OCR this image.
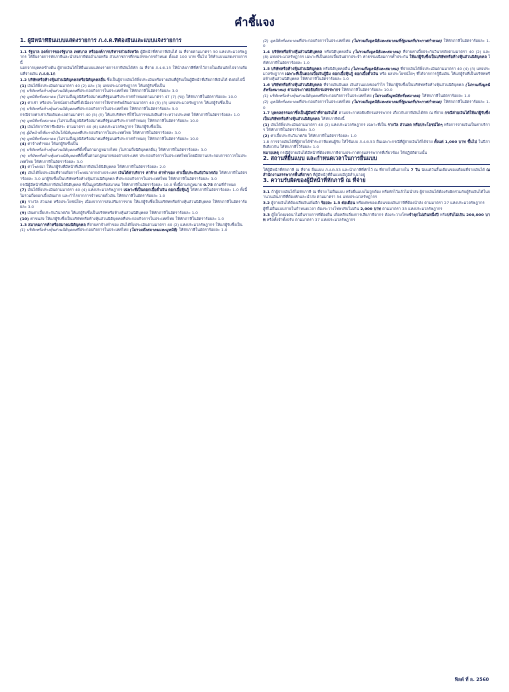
คำชี้แจง
1. ผู้มีหน้าที่ยื่นแบบแสดงรายการ ภ.ง.ด.ที่ต้องยื่นและแบบแจ้งรายการ
1.1 รัฐบาล องค์การของรัฐบาล เทศบาล หรือองค์การบริหารส่วนจังหวัด ผู้มีหน้าที่หักภาษีเงินได้ ณ ที่จ่ายตามมาตรา 50 แห่งประมวลรัษฎากร ให้ยื่นรายการหักภาษีและนำส่งภาษีต่ออำเภอหรือ ส่วนราชการที่กรมสรรพากรกำหนด ตั้งแต่ 100 บาท ขึ้นไป ให้ทำแบบแสดงรายการนี้
นอกจากบุคคลข้างต้น ผู้จ่ายเงินได้ให้ยื่นแบบแสดงรายการภาษีเงินได้หัก ณ ที่จ่าย ภ.ง.ด.1ก ให้นำส่งภาษีที่หักไว้ภายในเดือนถัดไปจากเดือนที่จ่ายเงิน ภ.ง.ด.1ก
1.2 บริษัทหรือห้างหุ้นส่วนนิติบุคคลหรือนิติบุคคลอื่น ซึ่งเป็นผู้จ่ายเงินได้พึงประเมินหรือจ่ายเงินที่ผู้รับเป็นผู้มีหน้าที่เสียภาษีเงินได้ ดังต่อไปนี้
(1) เงินได้พึงประเมินตามมาตรา 40 (2) และ (3) แห่งประมวลรัษฎากร ให้แก่ผู้รับซึ่งเป็น
(ก) บริษัทหรือห้างหุ้นส่วนนิติบุคคลที่ประกอบกิจการในประเทศไทย ให้หักภาษีในอัตราร้อยละ 3.0
(ข) มูลนิธิหรือสมาคม (ไม่รวมถึงมูลนิธิหรือสมาคมที่รัฐมนตรีประกาศกำหนดตามมาตรา 47 (7) (ข)) ให้หักภาษีในอัตราร้อยละ 10.0
(2) ค่าเช่า หรือประโยชน์อย่างอื่นที่ได้เนื่องจากการให้เช่าทรัพย์สินตามมาตรา 40 (5) (ก) แห่งประมวลรัษฎากร ให้แก่ผู้รับซึ่งเป็น
(ก) บริษัทหรือห้างหุ้นส่วนนิติบุคคลที่ประกอบกิจการในประเทศไทย ให้หักภาษีในอัตราร้อยละ 5.0
กรณีจ่ายค่าเช่าเรือเดินทะเลตามมาตรา 40 (5) (ก) ให้แก่บริษัทฯ ที่ใช้ในการขนส่งสินค้าระหว่างประเทศ ให้หักภาษีในอัตราร้อยละ 1.0
(ข) มูลนิธิหรือสมาคม (ไม่รวมถึงมูลนิธิหรือสมาคมที่รัฐมนตรีประกาศกำหนด) ให้หักภาษีในอัตราร้อยละ 10.0
(3) เงินได้จากวิชาชีพอิสระ ตามมาตรา 40 (6) แห่งประมวลรัษฎากร ให้แก่ผู้รับซึ่งเป็น
(ก) ผู้มีหน้าที่เสียภาษีเงินได้นิติบุคคลที่ประกอบกิจการในประเทศไทย ให้หักภาษีในอัตราร้อยละ 3.0
(ข) มูลนิธิหรือสมาคม (ไม่รวมถึงมูลนิธิหรือสมาคมที่รัฐมนตรีประกาศกำหนด) ให้หักภาษีในอัตราร้อยละ 10.0
(4) ค่าจ้างทำของ ให้แก่ผู้รับซึ่งเป็น
(ก) บริษัทหรือห้างหุ้นส่วนนิติบุคคลที่ตั้งขึ้นตามกฎหมายไทย (ไม่รวมถึงนิติบุคคลอื่น) ให้หักภาษีในอัตราร้อยละ 3.0
(ข) บริษัทหรือห้างหุ้นส่วนนิติบุคคลที่ตั้งขึ้นตามกฎหมายของต่างประเทศ ประกอบกิจการในประเทศไทยโดยมีสถานประกอบการถาวรในประเทศไทย ให้หักภาษีในอัตราร้อยละ 3.0
(5) ค่าโฆษณา ให้แก่ผู้รับที่มีหน้าที่เสียภาษีเงินได้นิติบุคคล ให้หักภาษีในอัตราร้อยละ 2.0
(6) เงินได้พึงประเมินที่จ่ายเพื่อการโฆษณาจากต่างประเทศ เงินได้ค่าบริการ ค่าจ้าง ค่าทำของ ค่าเบี้ยประกันภัยวินาศภัย ให้หักภาษีในอัตราร้อยละ 3.0 แก่ผู้รับซึ่งเป็นบริษัทหรือห้างหุ้นส่วนนิติบุคคล ที่ประกอบกิจการในประเทศไทย ให้หักภาษีในอัตราร้อยละ 3.0
กรณีผู้มีหน้าที่เสียภาษีเงินได้นิติบุคคล ที่เป็นมูลนิธิหรือสมาคม ให้หักภาษีในอัตราร้อยละ 10.0 ทั้งนี้ตามกฎหมาย 0.75 ตามที่กำหนด
(7) เงินได้พึงประเมินตามมาตรา 40 (4) แห่งประมวลรัษฎากร เฉพาะที่เป็นดอกเบี้ยตั๋วเงิน ดอกเบี้ยหุ้นกู้ ให้หักภาษีในอัตราร้อยละ 1.0 ทั้งนี้ไม่รวมถึงดอกเบี้ยเงินฝาก และกำไรจากการจำหน่ายตั๋วเงิน ให้หักภาษีในอัตราร้อยละ 1.0
(8) รางวัล ส่วนลด หรือประโยชน์ใดๆ เนื่องจากการส่งเสริมการขาย ให้แก่ผู้รับซึ่งเป็นบริษัทหรือห้างหุ้นส่วนนิติบุคคล ให้หักภาษีในอัตราร้อยละ 3.0
(9) เงินค่าเบี้ยประกันวินาศภัย ให้แก่ผู้รับซึ่งเป็นบริษัทหรือห้างหุ้นส่วนนิติบุคคล ให้หักภาษีในอัตราร้อยละ 1.0
(10) ค่าขนส่ง ให้แก่ผู้รับซึ่งเป็นบริษัทหรือห้างหุ้นส่วนนิติบุคคลที่ประกอบกิจการในประเทศไทย ให้หักภาษีในอัตราร้อยละ 1.0
1.3 สมาคมการค้าหรือสมาคมนิติบุคคล ที่จ่ายค่าจ้างทำของ เงินได้พึงประเมินตามมาตรา 40 (2) แห่งประมวลรัษฎากร ให้แก่ผู้รับซึ่งเป็น
(1) บริษัทหรือห้างหุ้นส่วนนิติบุคคลที่ประกอบกิจการในประเทศไทย (ไม่รวมถึงสมาคมและมูลนิธิ) ให้หักภาษีในอัตราร้อยละ 1.0
(2) มูลนิธิหรือสมาคมที่ประกอบกิจการในประเทศไทย (ไม่รวมถึงมูลนิธิและสมาคมที่รัฐมนตรีประกาศกำหนด) ให้หักภาษีในอัตราร้อยละ 1.0
1.4 บริษัทหรือห้างหุ้นส่วนนิติบุคคล หรือนิติบุคคลอื่น (ไม่รวมถึงมูลนิธิและสมาคม) ที่จ่ายค่าเบี้ยประกันวินาศภัยตามมาตรา 40 (2) และ (8) แห่งประมวลรัษฎากร เฉพาะที่เป็นดอกเบี้ยเงินฝากประจำ ค่าธรรมเนียมการค้ำประกัน ให้แก่ผู้รับซึ่งเป็นบริษัทหรือห้างหุ้นส่วนนิติบุคคล ให้หักภาษีในอัตราร้อยละ 1.0
1.5 บริษัทหรือห้างหุ้นส่วนนิติบุคคล หรือนิติบุคคลอื่น (ไม่รวมถึงมูลนิธิและสมาคม) ที่จ่ายเงินได้พึงประเมินตามมาตรา 40 (4) (ก) แห่งประมวลรัษฎากร เฉพาะที่เป็นดอกเบี้ยเงินกู้ยืม ดอกเบี้ยหุ้นกู้ ดอกเบี้ยตั๋วเงิน หรือ ผลประโยชน์ใดๆ ที่ได้จากการกู้ยืมเงิน ให้แก่ผู้รับที่เป็นบริษัทหรือห้างหุ้นส่วนนิติบุคคล ให้หักภาษีในอัตราร้อยละ 1.0
1.6 บริษัทหรือห้างหุ้นส่วนนิติบุคคล ที่จ่ายเงินปันผล เงินส่วนแบ่งของกำไร ให้แก่ผู้รับซึ่งเป็นบริษัทหรือห้างหุ้นส่วนนิติบุคคล (ไม่รวมถึงมูลนิธิหรือสมาคม) ตามประกาศอธิบดีกรมสรรพากร ให้หักภาษีในอัตราร้อยละ 10.0
(1) บริษัทหรือห้างหุ้นส่วนนิติบุคคลที่ประกอบกิจการในประเทศไทย (ไม่รวมถึงมูลนิธิหรือสมาคม) ให้หักภาษีในอัตราร้อยละ 1.0
(2) มูลนิธิหรือสมาคมที่ประกอบกิจการในประเทศไทย (ไม่รวมถึงมูลนิธิและสมาคมที่รัฐมนตรีประกาศกำหนด) ให้หักภาษีในอัตราร้อยละ 1.0
1.7 บุคคลธรรมดาซึ่งเป็นผู้มีหน้าที่จ่ายเงินได้ ตามประกาศอธิบดีกรมสรรพากร เกี่ยวกับภาษีเงินได้หัก ณ ที่จ่าย กรณีจ่ายเงินได้ให้แก่ผู้รับซึ่งเป็นบริษัทหรือห้างหุ้นส่วนนิติบุคคล ให้หักภาษีดังนี้
(1) เงินได้พึงประเมินตามมาตรา 40 (2) แห่งประมวลรัษฎากร เฉพาะที่เป็น รางวัล ส่วนลด หรือประโยชน์ใดๆ หรือการจ่ายเงินเป็นค่าบริการ ให้หักภาษีในอัตราร้อยละ 3.0
(2) ค่าเบี้ยประกันวินาศภัย ให้หักภาษีในอัตราร้อยละ 1.0
1.8 การจ่ายเงินได้ที่ผู้จ่ายได้ชำระภาษีแทนผู้รับ ให้ใช้แบบ ภ.ง.ด.53 ยื่นเฉพาะกรณีที่ผู้จ่ายเงินได้ได้จ่าย ตั้งแต่ 1,000 บาท ขึ้นไป ในปีภาษีเดียวกัน ให้หักภาษีไว้ร้อยละ 1.0
หมายเหตุ กรณีผู้จ่ายเงินได้มีหน้าที่ต้องหักภาษีตามประกาศกรมสรรพากรที่เกี่ยวข้อง ให้ปฏิบัติตามนั้น
2. สถานที่ยื่นแบบ และกำหนดเวลาในการยื่นแบบ
ให้ผู้มีหน้าที่หักภาษี ณ ที่จ่าย ยื่นแบบ ภ.ง.ด.53 และนำภาษีที่หักไว้ ณ ที่จ่ายไปยื่นภายใน 7 วัน นับแต่วันสิ้นเดือนของเดือนที่จ่ายเงินได้ ณ สำนักงานสรรพากรพื้นที่สาขา ที่ผู้มีหน้าที่ยื่นแบบมีภูมิลำเนาอยู่
3. ความรับผิดของผู้มีหน้าที่หักภาษี ณ ที่จ่าย
3.1 ถ้าผู้จ่ายเงินได้ไม่หักภาษี ณ ที่จ่าย ไม่ยื่นแบบ หรือยื่นแบบไม่ถูกต้อง หรือหักไว้แล้วไม่นำส่ง ผู้จ่ายเงินได้ต้องรับผิดร่วมกับผู้รับเงินได้ในจำนวนเงินภาษีที่ต้องหักและนำส่ง ตามมาตรา 54 แห่งประมวลรัษฎากร
3.2 ผู้จ่ายเงินได้ต้องเสียเงินเพิ่มอีก ร้อยละ 1.5 ต่อเดือน หรือเศษของเดือนของเงินภาษีที่ต้องนำส่ง ตามมาตรา 27 แห่งประมวลรัษฎากร
ผู้ที่ไม่ยื่นแบบภายในกำหนดเวลา ต้องระวางโทษปรับไม่เกิน 2,000 บาท ตามมาตรา 35 แห่งประมวลรัษฎากร
3.3 ผู้ใดโดยเจตนาไม่ยื่นรายการที่ต้องยื่น เพื่อหลีกเลี่ยงการเสียภาษีอากร ต้องระวางโทษจำคุกไม่เกินหนึ่งปี หรือปรับไม่เกิน 200,000 บาท หรือทั้งจำทั้งปรับ ตามมาตรา 37 แห่งประมวลรัษฎากร
ฟิลด์ ที่ ล. 2560
